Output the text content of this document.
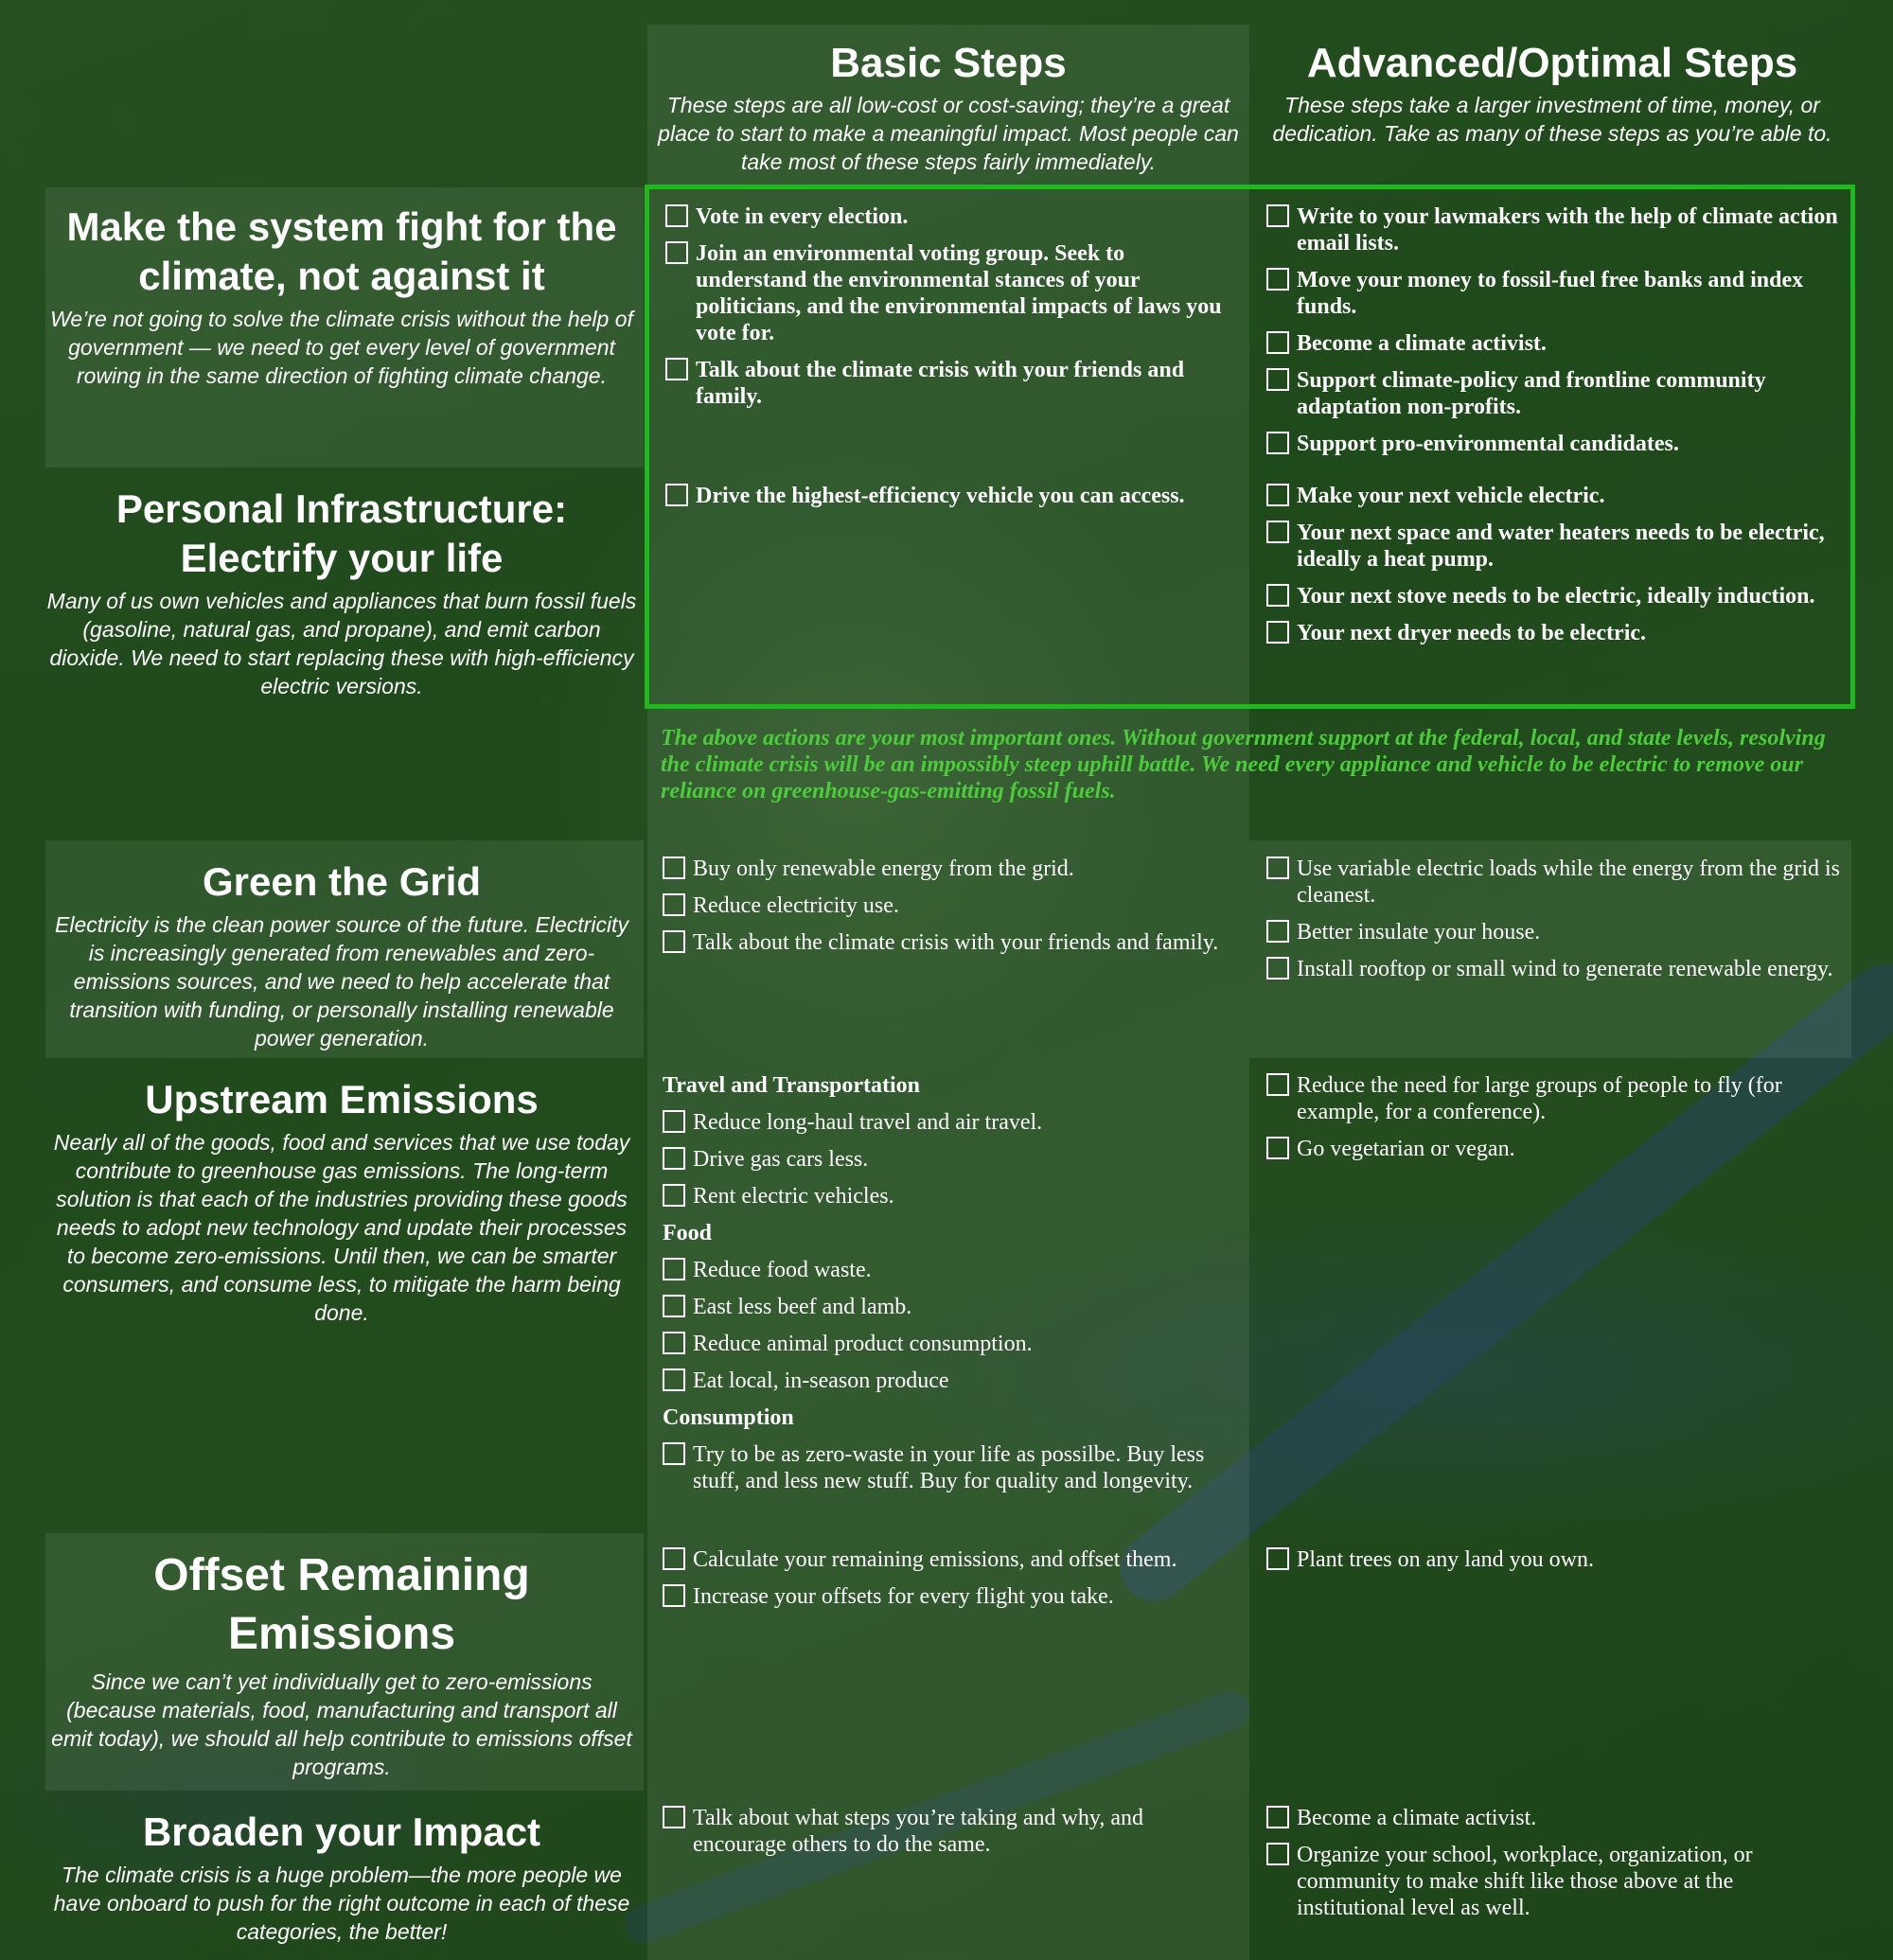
Basic Steps

These steps are all low-cost or cost-saving; they’re a great place to start to make a meaningful impact. Most people can take most of these steps fairly immediately.

Advanced/Optimal Steps

These steps take a larger investment of time, money, or dedication. Take as many of these steps as you’re able to.

Make the system fight for the climate, not against it

We’re not going to solve the climate crisis without the help of government — we need to get every level of government rowing in the same direction of fighting climate change.

Vote in every election.
Join an environmental voting group. Seek to understand the environmental stances of your politicians, and the environmental impacts of laws you vote for.
Talk about the climate crisis with your friends and family.
Write to your lawmakers with the help of climate action email lists.
Move your money to fossil-fuel free banks and index funds.
Become a climate activist.
Support climate-policy and frontline community adaptation non-profits.
Support pro-environmental candidates.
Personal Infrastructure: Electrify your life

Many of us own vehicles and appliances that burn fossil fuels (gasoline, natural gas, and propane), and emit carbon dioxide. We need to start replacing these with high-efficiency electric versions.

Drive the highest-efficiency vehicle you can access.	Make your next vehicle electric.
Your next space and water heaters needs to be electric, ideally a heat pump.
Your next stove needs to be electric, ideally induction.
Your next dryer needs to be electric.
The above actions are your most important ones. Without government support at the federal, local, and state levels, resolving the climate crisis will be an impossibly steep uphill battle. We need every appliance and vehicle to be electric to remove our reliance on greenhouse-gas-emitting fossil fuels.
Green the Grid

Electricity is the clean power source of the future. Electricity is increasingly generated from renewables and zero-emissions sources, and we need to help accelerate that transition with funding, or personally installing renewable power generation.

Buy only renewable energy from the grid.
Reduce electricity use.
Talk about the climate crisis with your friends and family.
Use variable electric loads while the energy from the grid is cleanest.
Better insulate your house.
Install rooftop or small wind to generate renewable energy.
Upstream Emissions

Nearly all of the goods, food and services that we use today contribute to greenhouse gas emissions. The long-term solution is that each of the industries providing these goods needs to adopt new technology and update their processes to become zero-emissions. Until then, we can be smarter consumers, and consume less, to mitigate the harm being done.

Travel and Transportation
Reduce long-haul travel and air travel.
Drive gas cars less.
Rent electric vehicles.
Food
Reduce food waste.
East less beef and lamb.
Reduce animal product consumption.
Eat local, in-season produce
Consumption
Try to be as zero-waste in your life as possilbe. Buy less stuff, and less new stuff. Buy for quality and longevity.
Reduce the need for large groups of people to fly (for example, for a conference).
Go vegetarian or vegan.
Offset Remaining Emissions

Since we can’t yet individually get to zero-emissions (because materials, food, manufacturing and transport all emit today), we should all help contribute to emissions offset programs.

Calculate your remaining emissions, and offset them.
Increase your offsets for every flight you take.
Plant trees on any land you own.
Broaden your Impact

The climate crisis is a huge problem—the more people we have onboard to push for the right outcome in each of these categories, the better!

Talk about what steps you’re taking and why, and encourage others to do the same.
Become a climate activist.
Organize your school, workplace, organization, or community to make shift like those above at the institutional level as well.
